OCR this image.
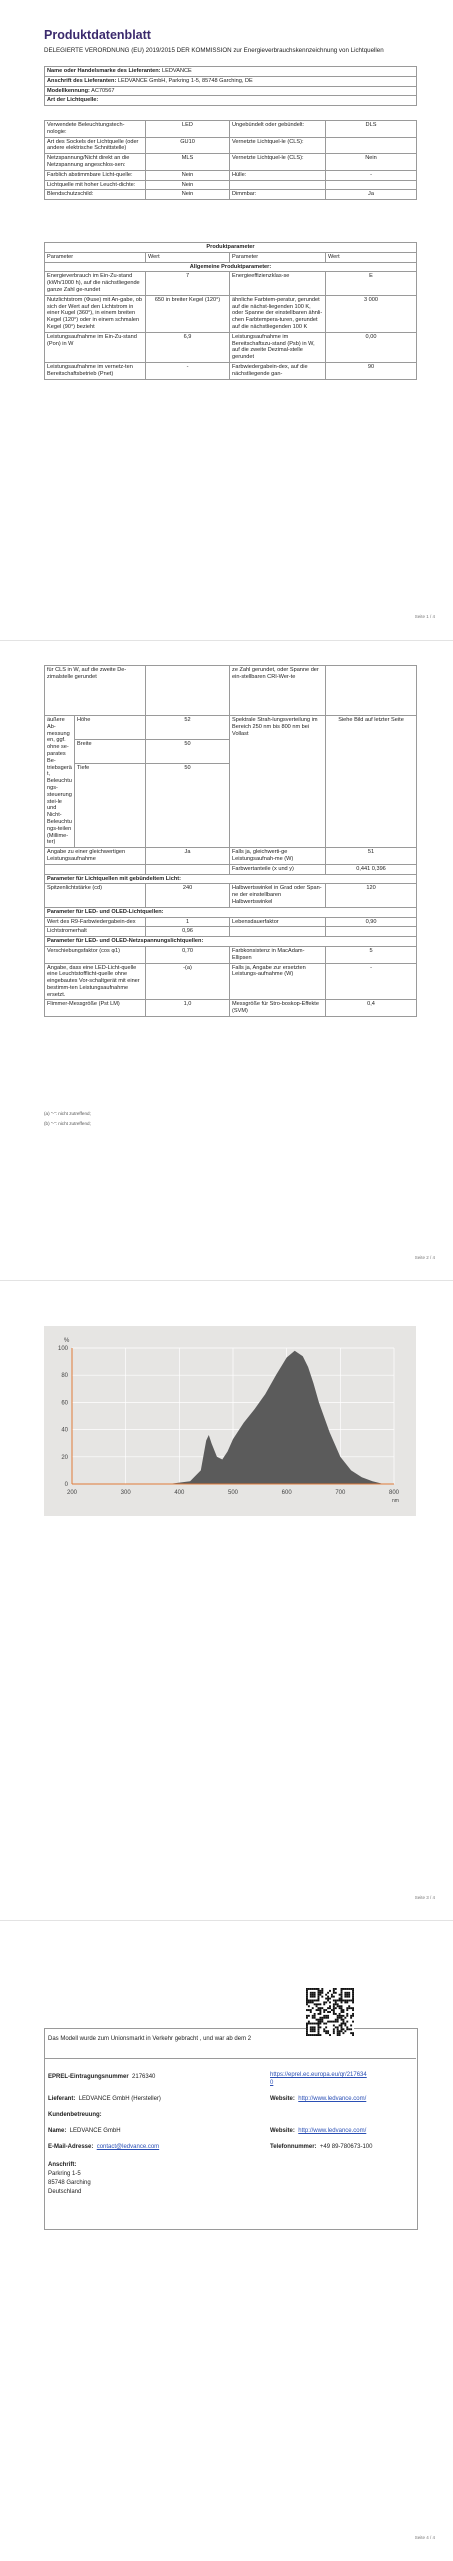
Produktdatenblatt
DELEGIERTE VERORDNUNG (EU) 2019/2015 DER KOMMISSION zur Energieverbrauchskennzeichnung von Lichtquellen
Name oder Handelsmarke des Lieferanten: LEDVANCE
Anschrift des Lieferanten: LEDVANCE GmbH, Parkring 1-5, 85748 Garching, DE
Modellkennung: AC70567
Art der Lichtquelle:
Verwendete Beleuchtungstech-nologie:	LED	Ungebündelt oder gebündelt:	DLS
Art des Sockels der Lichtquelle (oder andere elektrische Schnittstelle)	GU10	Vernetzte Lichtquel-le (CLS):	
Netzspannung/Nicht direkt an die Netzspannung angeschlos-sen:	MLS	Vernetzte Lichtquel-le (CLS):	Nein
Farblich abstimmbare Licht-quelle:	Nein	Hülle:	-
Lichtquelle mit hoher Leucht-dichte:	Nein		
Blendschutzschild:	Nein	Dimmbar:	Ja
Produktparameter			
Parameter	Wert	Parameter	Wert
Allgemeine Produktparameter:			
Energieverbrauch im Ein-Zu-stand (kWh/1000 h), auf die nächstliegende ganze Zahl ge-rundet	7	Energieeffizienzklas-se	E
Nutzlichtstrom (Φuse) mit An-gabe, ob sich der Wert auf den Lichtstrom in einer Kugel (360°), in einem breiten Kegel (120°) oder in einem schmalen Kegel (90°) bezieht	650 in breiter Kegel (120°)	ähnliche Farbtem-peratur, gerundet auf die nächst-liegenden 100 K, oder Spanne der einstellbaren ähnli-chen Farbtempera-turen, gerundet auf die nächstliegenden 100 K	3 000
Leistungsaufnahme im Ein-Zu-stand (Pon) in W	6,9	Leistungsaufnahme im Bereitschaftszu-stand (Psb) in W, auf die zweite Dezimal-stelle gerundet	0,00
Leistungsaufnahme im vernetz-ten Bereitschaftsbetrieb (Pnet)	-	Farbwiedergabein-dex, auf die nächstliegende gan-	90
Seite 1 / 4
für CLS in W, auf die zweite De-zimalstelle gerundet			ze Zahl gerundet, oder Spanne der ein-stellbaren CRI-Wer-te	
äußere Ab-messungen, ggf. ohne se-parates Be-triebsgerät, Beleuchtungs-steuerungstei-le und Nicht-Beleuchtungs-teilen (Millime-ter)	Höhe	52	Spektrale Strah-lungsverteilung im Bereich 250 nm bis 800 nm bei Vollast	Siehe Bild auf letzter Seite
	Breite	50		
	Tiefe	50		
Angabe zu einer gleichwertigen Leistungsaufnahme		Ja	Falls ja, gleichwerti-ge Leistungsaufnah-me (W)	51
			Farbwertanteile (x und y)	0,441 0,396
Parameter für Lichtquellen mit gebündeltem Licht:				
Spitzenlichtstärke (cd)		240	Halbwertswinkel in Grad oder Span-ne der einstellbaren Halbwertswinkel	120
Parameter für LED- und OLED-Lichtquellen:				
Wert des R9-Farbwiedergabein-dex		1	Lebensdauerfaktor	0,90
Lichtstromerhalt		0,96		
Parameter für LED- und OLED-Netzspannungslichtquellen:				
Verschiebungsfaktor (cos φ1)		0,70	Farbkonsistenz in MacAdam-Ellipsen	5
Angabe, dass eine LED-Licht-quelle eine Leuchtstofflicht-quelle ohne eingebautes Vor-schaltgerät mit einer bestimm-ten Leistungsaufnahme ersetzt.		-(a)	Falls ja, Angabe zur ersetzten Leistungs-aufnahme (W)	-
Flimmer-Messgröße (Pst LM)		1,0	Messgröße für Stro-boskop-Effekte (SVM)	0,4
(a) "-": nicht zutreffend;
(b) "-": nicht zutreffend;
Seite 2 / 4
Seite 3 / 4
0
20
40
60
80
100
200	300	400	500	600	700	800
%
nm
Seite 4 / 4
Das Modell wurde zum Unionsmarkt in Verkehr gebracht , und war ab dem 2
EPREL-Eintragungsnummer 2176340	https://eprel.ec.europa.eu/qr/2176340
Lieferant: LEDVANCE GmbH (Hersteller)	Website: http://www.ledvance.com/
Kundenbetreuung:
Name: LEDVANCE GmbH	Website: http://www.ledvance.com/
E-Mail-Adresse: contact@ledvance.com	Telefonnummer: +49 89-780673-100
Anschrift:
Parkring 1-5
85748 Garching
Deutschland
